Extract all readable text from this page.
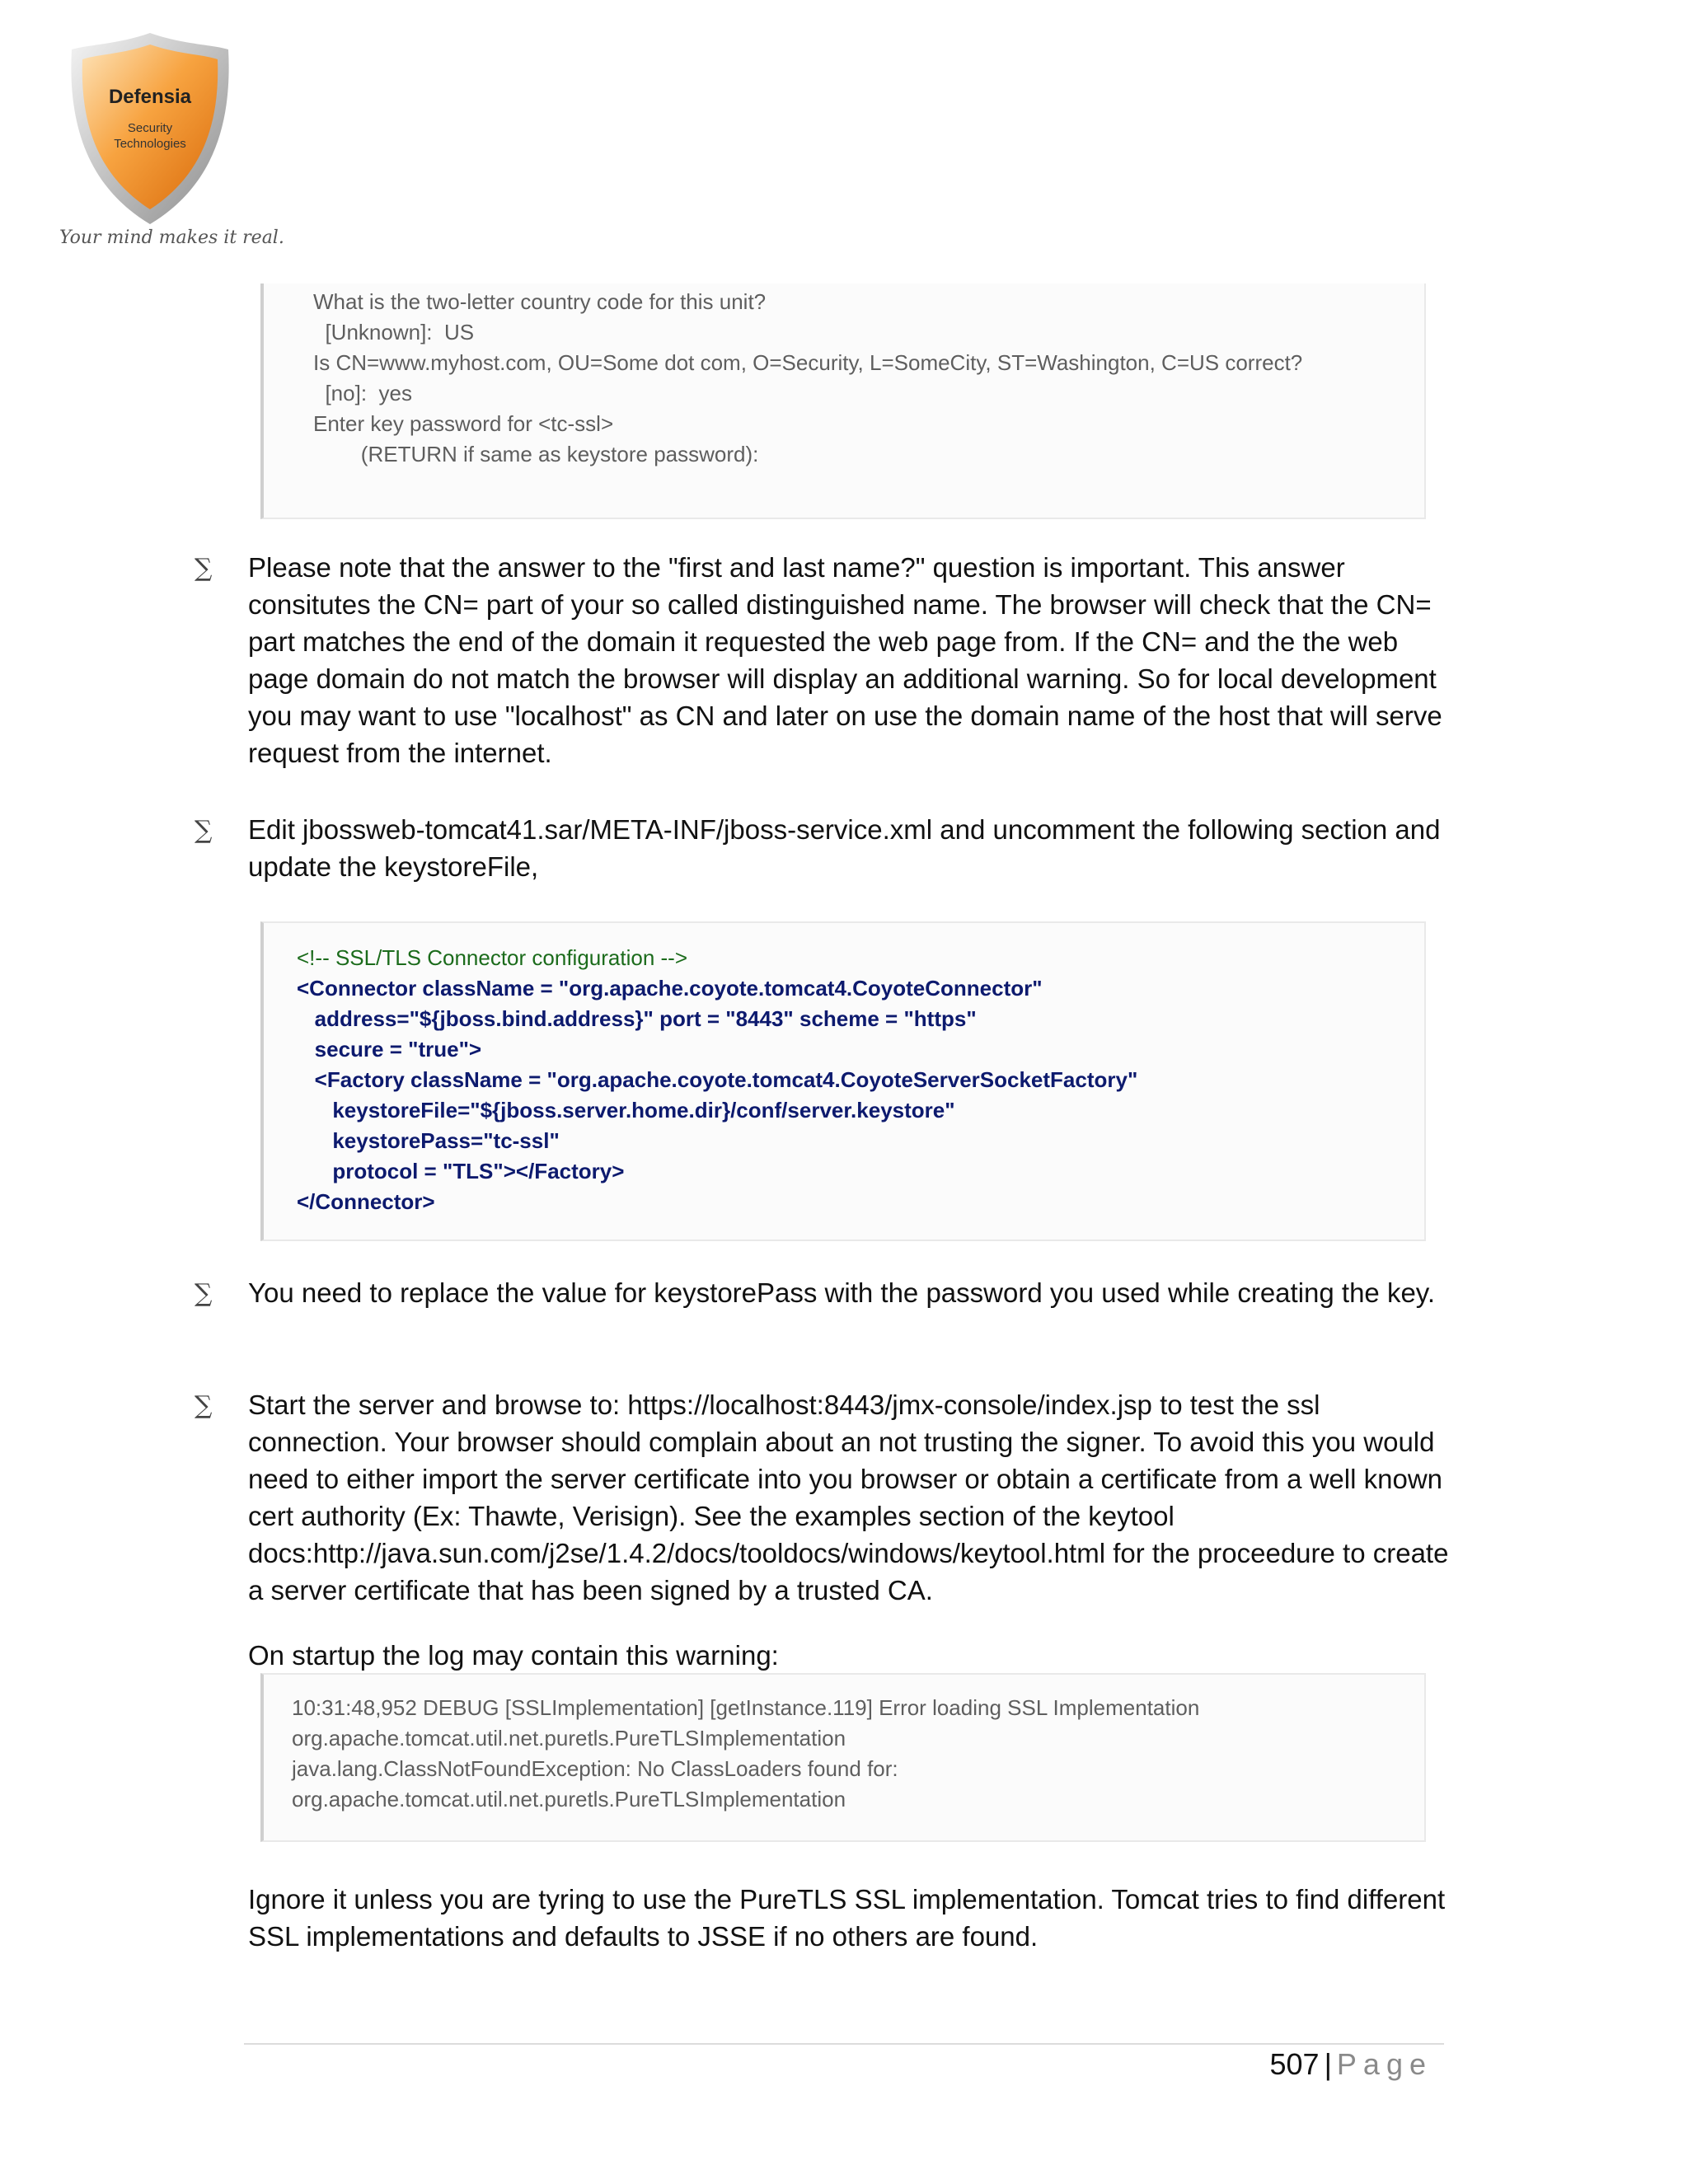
Defensia
Security
Technologies
Your mind makes it real.
What is the two-letter country code for this unit?
[Unknown]:  US
Is CN=www.myhost.com, OU=Some dot com, O=Security, L=SomeCity, ST=Washington, C=US correct?
[no]:  yes
Enter key password for <tc-ssl>
(RETURN if same as keystore password):
∑ Please note that the answer to the "first and last name?" question is important. This answer consitutes the CN= part of your so called distinguished name. The browser will check that the CN= part matches the end of the domain it requested the web page from. If the CN= and the the web page domain do not match the browser will display an additional warning. So for local development you may want to use "localhost" as CN and later on use the domain name of the host that will serve request from the internet.
∑ Edit jbossweb-tomcat41.sar/META-INF/jboss-service.xml and uncomment the following section and update the keystoreFile,
<!-- SSL/TLS Connector configuration -->
<Connector className = "org.apache.coyote.tomcat4.CoyoteConnector"
address="${jboss.bind.address}" port = "8443" scheme = "https"
secure = "true">
<Factory className = "org.apache.coyote.tomcat4.CoyoteServerSocketFactory"
keystoreFile="${jboss.server.home.dir}/conf/server.keystore"
keystorePass="tc-ssl"
protocol = "TLS"></Factory>
</Connector>
∑ You need to replace the value for keystorePass with the password you used while creating the key.
∑ Start the server and browse to: https://localhost:8443/jmx-console/index.jsp to test the ssl connection. Your browser should complain about an not trusting the signer. To avoid this you would need to either import the server certificate into you browser or obtain a certificate from a well known cert authority (Ex: Thawte, Verisign). See the examples section of the keytool docs:http://java.sun.com/j2se/1.4.2/docs/tooldocs/windows/keytool.html for the proceedure to create a server certificate that has been signed by a trusted CA.
On startup the log may contain this warning:
10:31:48,952 DEBUG [SSLImplementation] [getInstance.119] Error loading SSL Implementation
org.apache.tomcat.util.net.puretls.PureTLSImplementation
java.lang.ClassNotFoundException: No ClassLoaders found for:
org.apache.tomcat.util.net.puretls.PureTLSImplementation
Ignore it unless you are tyring to use the PureTLS SSL implementation. Tomcat tries to find different SSL implementations and defaults to JSSE if no others are found.
507 | Page
